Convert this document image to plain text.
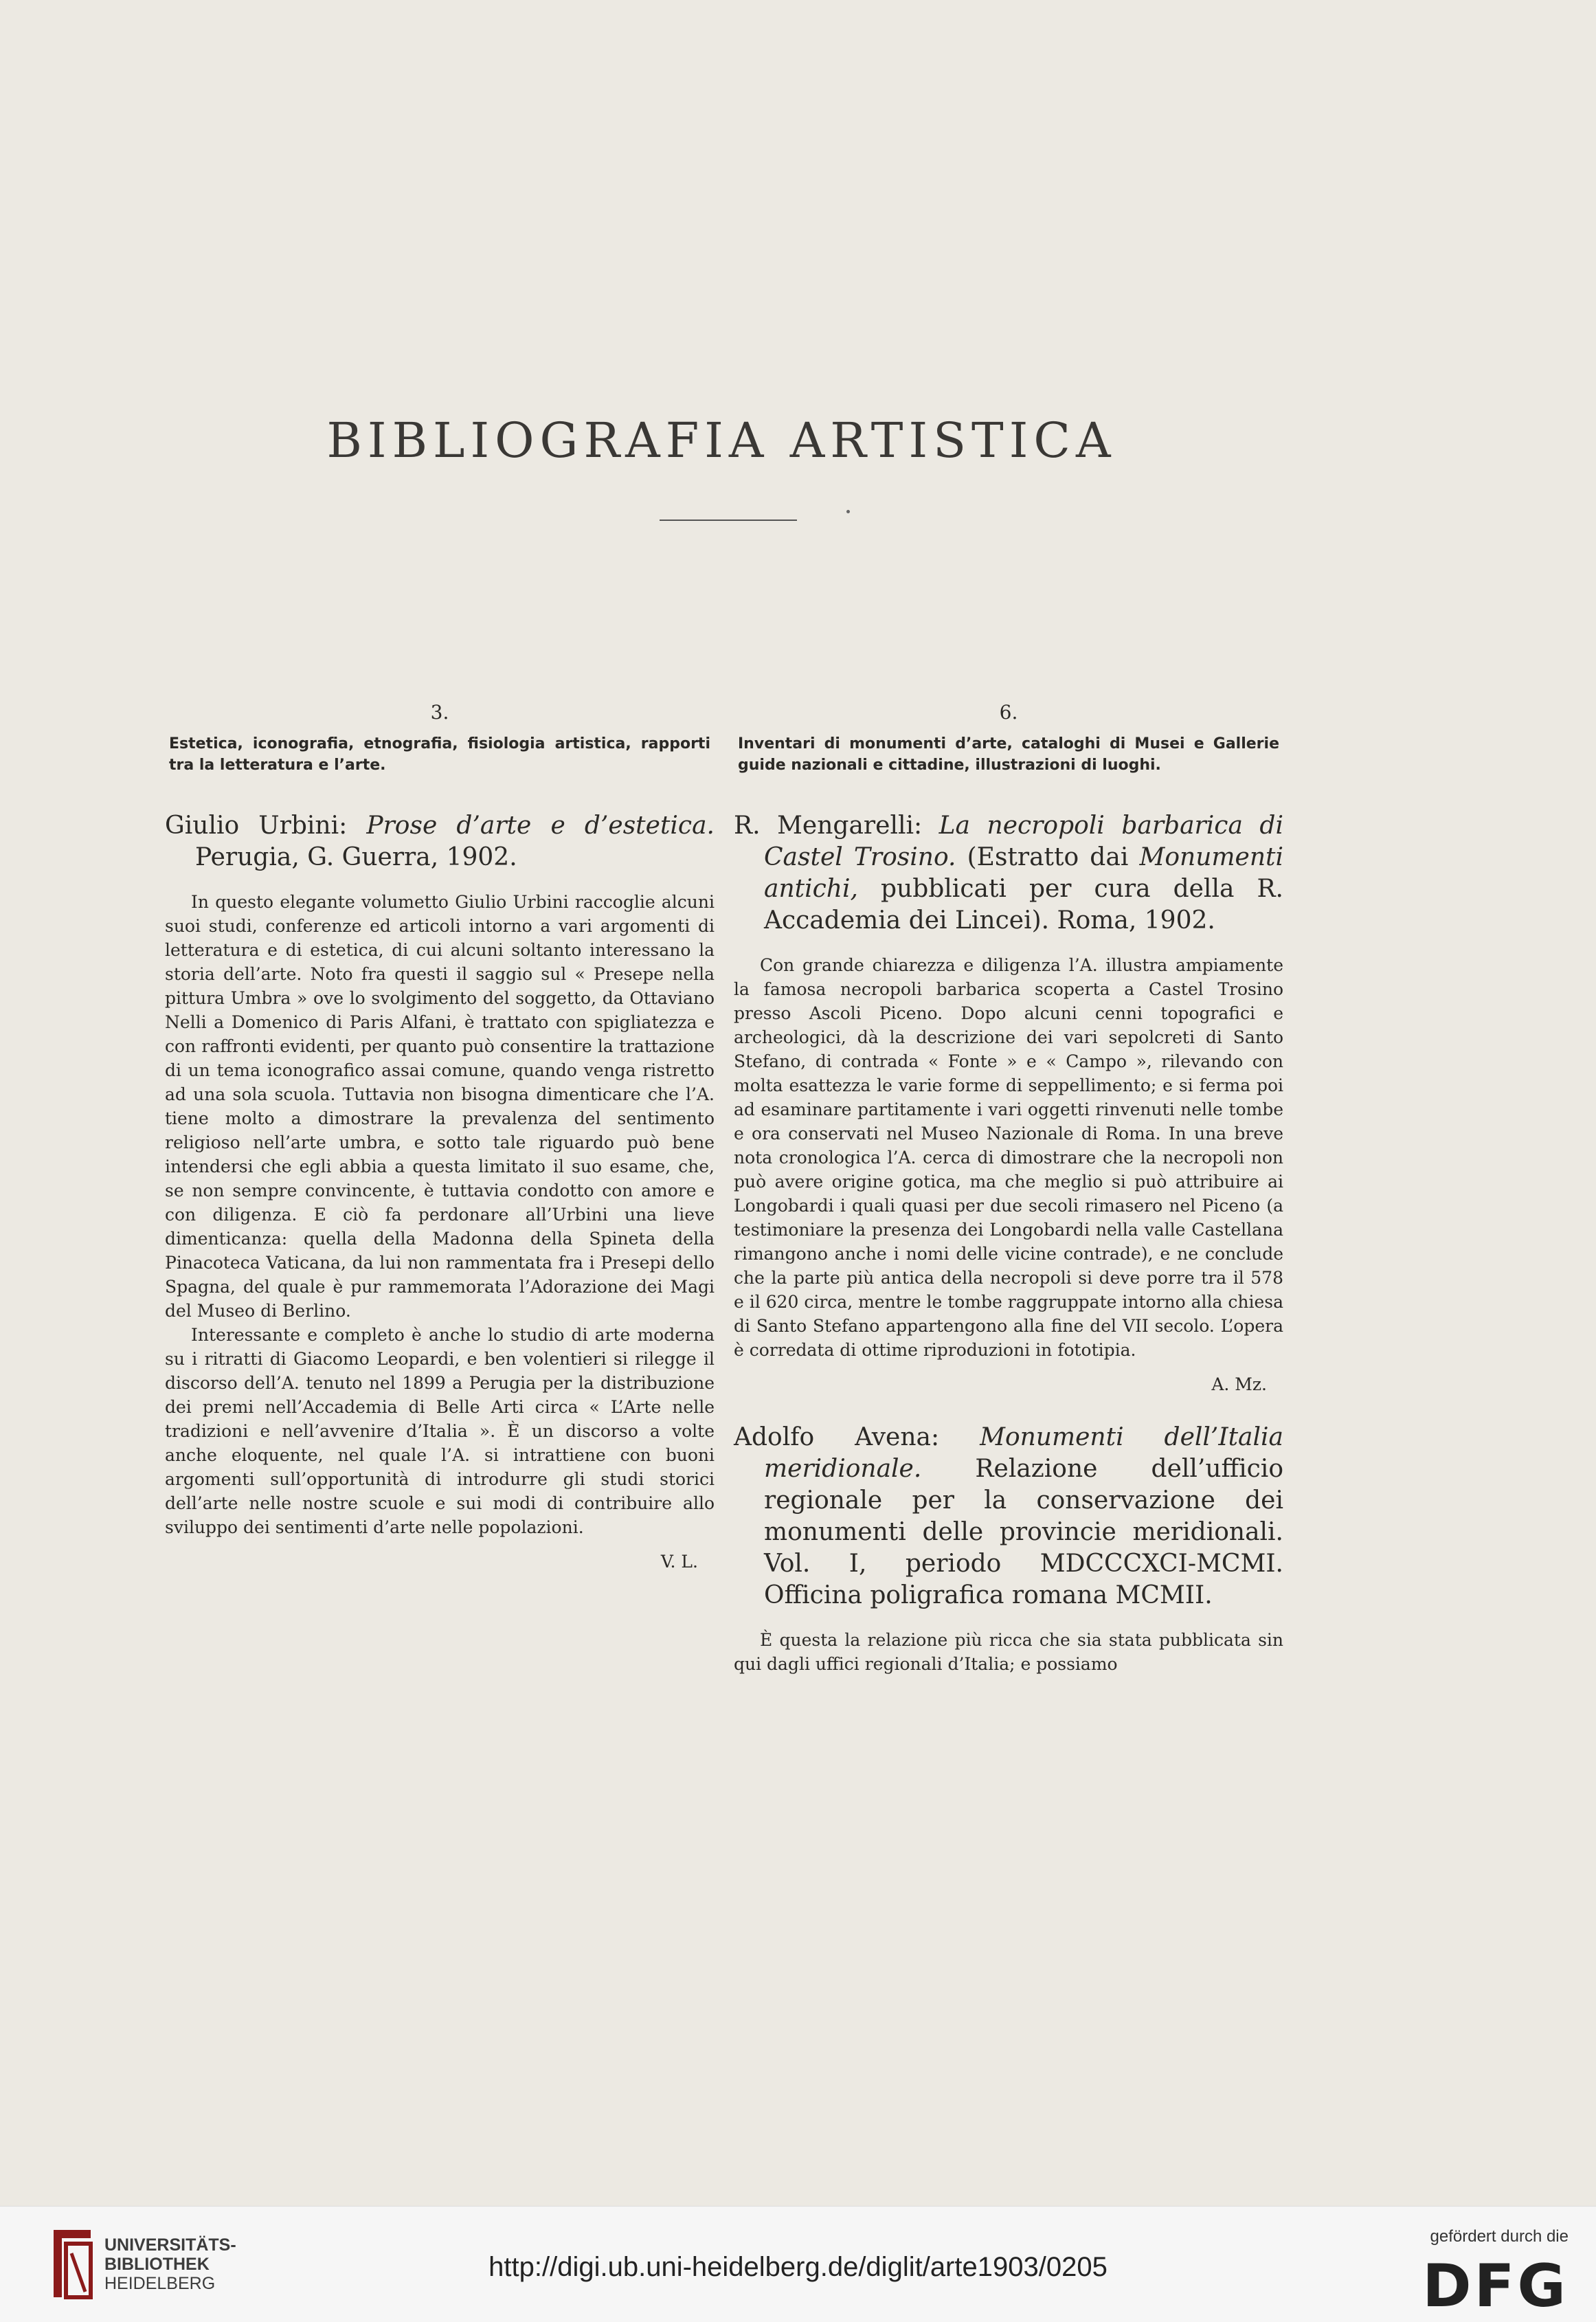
BIBLIOGRAFIA ARTISTICA
3.
Estetica, iconografia, etnografia, fisiologia artistica, rapporti tra la letteratura e l’arte.
Giulio Urbini: Prose d’arte e d’estetica. Perugia, G. Guerra, 1902.

In questo elegante volumetto Giulio Urbini raccoglie alcuni suoi studi, conferenze ed articoli intorno a vari argomenti di letteratura e di estetica, di cui alcuni soltanto interessano la storia dell’arte. Noto fra questi il saggio sul « Presepe nella pittura Umbra » ove lo svolgimento del soggetto, da Ottaviano Nelli a Domenico di Paris Alfani, è trattato con spigliatezza e con raffronti evidenti, per quanto può consentire la trattazione di un tema iconografico assai comune, quando venga ristretto ad una sola scuola. Tuttavia non bisogna dimenticare che l’A. tiene molto a dimostrare la prevalenza del sentimento religioso nell’arte umbra, e sotto tale riguardo può bene intendersi che egli abbia a questa limitato il suo esame, che, se non sempre convincente, è tuttavia condotto con amore e con diligenza. E ciò fa perdonare all’Urbini una lieve dimenticanza: quella della Madonna della Spineta della Pinacoteca Vaticana, da lui non rammentata fra i Presepi dello Spagna, del quale è pur rammemorata l’Adorazione dei Magi del Museo di Berlino.

Interessante e completo è anche lo studio di arte moderna su i ritratti di Giacomo Leopardi, e ben volentieri si rilegge il discorso dell’A. tenuto nel 1899 a Perugia per la distribuzione dei premi nell’Accademia di Belle Arti circa « L’Arte nelle tradizioni e nell’avvenire d’Italia ». È un discorso a volte anche eloquente, nel quale l’A. si intrattiene con buoni argomenti sull’opportunità di introdurre gli studi storici dell’arte nelle nostre scuole e sui modi di contribuire allo sviluppo dei sentimenti d’arte nelle popolazioni.

V. L.
6.
Inventari di monumenti d’arte, cataloghi di Musei e Gallerie guide nazionali e cittadine, illustrazioni di luoghi.
R. Mengarelli: La necropoli barbarica di Castel Trosino. (Estratto dai Monumenti antichi, pubblicati per cura della R. Accademia dei Lincei). Roma, 1902.

Con grande chiarezza e diligenza l’A. illustra ampiamente la famosa necropoli barbarica scoperta a Castel Trosino presso Ascoli Piceno. Dopo alcuni cenni topografici e archeologici, dà la descrizione dei vari sepolcreti di Santo Stefano, di contrada « Fonte » e « Campo », rilevando con molta esattezza le varie forme di seppellimento; e si ferma poi ad esaminare partitamente i vari oggetti rinvenuti nelle tombe e ora conservati nel Museo Nazionale di Roma. In una breve nota cronologica l’A. cerca di dimostrare che la necropoli non può avere origine gotica, ma che meglio si può attribuire ai Longobardi i quali quasi per due secoli rimasero nel Piceno (a testimoniare la presenza dei Longobardi nella valle Castellana rimangono anche i nomi delle vicine contrade), e ne conclude che la parte più antica della necropoli si deve porre tra il 578 e il 620 circa, mentre le tombe raggruppate intorno alla chiesa di Santo Stefano appartengono alla fine del VII secolo. L’opera è corredata di ottime riproduzioni in fototipia.

A. Mz.
Adolfo Avena: Monumenti dell’Italia meridionale. Relazione dell’ufficio regionale per la conservazione dei monumenti delle provincie meridionali. Vol. I, periodo MDCCCXCI-MCMI. Officina poligrafica romana MCMII.

È questa la relazione più ricca che sia stata pubblicata sin qui dagli uffici regionali d’Italia; e possiamo

UNIVERSITÄTS-
BIBLIOTHEK
HEIDELBERG
http://digi.ub.uni-heidelberg.de/diglit/arte1903/0205
gefördert durch die
DFG
